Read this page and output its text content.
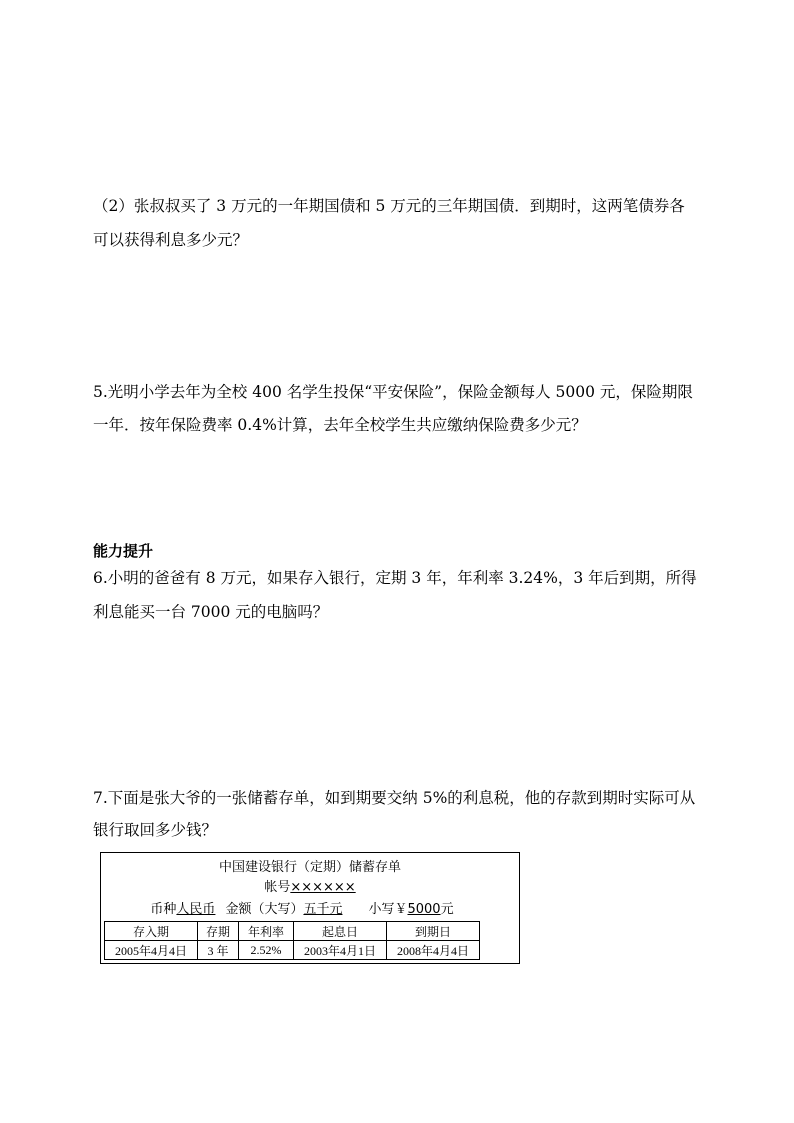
（2）张叔叔买了 3 万元的一年期国债和 5 万元的三年期国债．到期时，这两笔债券各

可以获得利息多少元？

5.光明小学去年为全校 400 名学生投保“平安保险”，保险金额每人 5000 元，保险期限

一年．按年保险费率 0.4%计算，去年全校学生共应缴纳保险费多少元？

能力提升

6.小明的爸爸有 8 万元，如果存入银行，定期 3 年，年利率 3.24%，3 年后到期，所得

利息能买一台 7000 元的电脑吗？

7.下面是张大爷的一张储蓄存单，如到期要交纳 5%的利息税，他的存款到期时实际可从

银行取回多少钱？

中国建设银行（定期）储蓄存单
帐号××××××
币种人民币 金额（大写）五千元 小写￥5000元
存入期	存期	年利率	起息日	到期日
2005年4月4日	3 年	2.52%	2003年4月1日	2008年4月4日
